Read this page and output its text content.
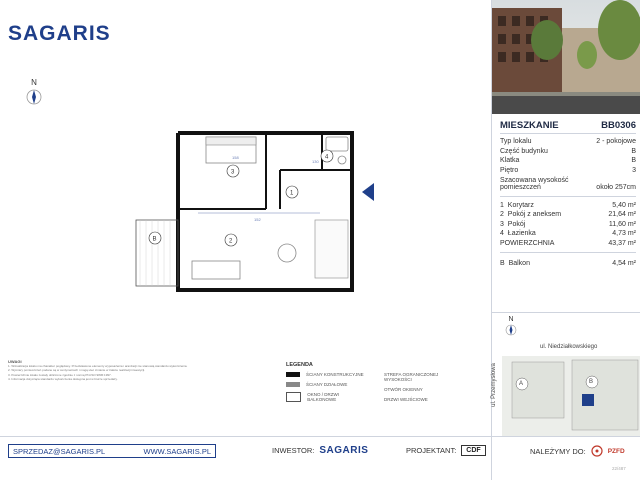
SAGARIS
N
152
158
130
3
4
1
2
B
MIESZKANIE	BB0306
Typ lokalu	2 - pokojowe
Część budynku	B
Klatka	B
Piętro	3
Szacowana wysokość
pomieszczeń	około 257cm
1 Korytarz	5,40 m²
2 Pokój z aneksem	21,64 m²
3 Pokój	11,60 m²
4 Łazienka	4,73 m²
POWIERZCHNIA	43,37 m²
B Balkon	4,54 m²
N
ul. Niedziałkowskiego
ul. Przemysłowa	A	B
UWAGI
1. Wizualizacja lokalu ma charakter poglądowy. Przedstawione elementy wyposażenia i aranżacji nie stanowią standardu wykończenia.
2. Wymiary pomieszczeń podane są w centymetrach i mogą ulec zmianie w trakcie realizacji inwestycji.
3. Powierzchnie lokalu zostały obliczone zgodnie z normą PN-ISO 9836:1997.
4. Informacja dotycząca standardu wykończenia dostępna jest w biurze sprzedaży.
LEGENDA
ŚCIANY KONSTRUKCYJNE
ŚCIANY DZIAŁOWE
OKNO / DRZWI BALKONOWE
STREFA OGRANICZONEJ WYSOKOŚCI
OTWÓR OKIENNY
DRZWI WEJŚCIOWE
SPRZEDAZ@SAGARIS.PL	WWW.SAGARIS.PL	INWESTOR: SAGARIS	PROJEKTANT:	CDF	NALEŻYMY DO:	PZFD
22/487
